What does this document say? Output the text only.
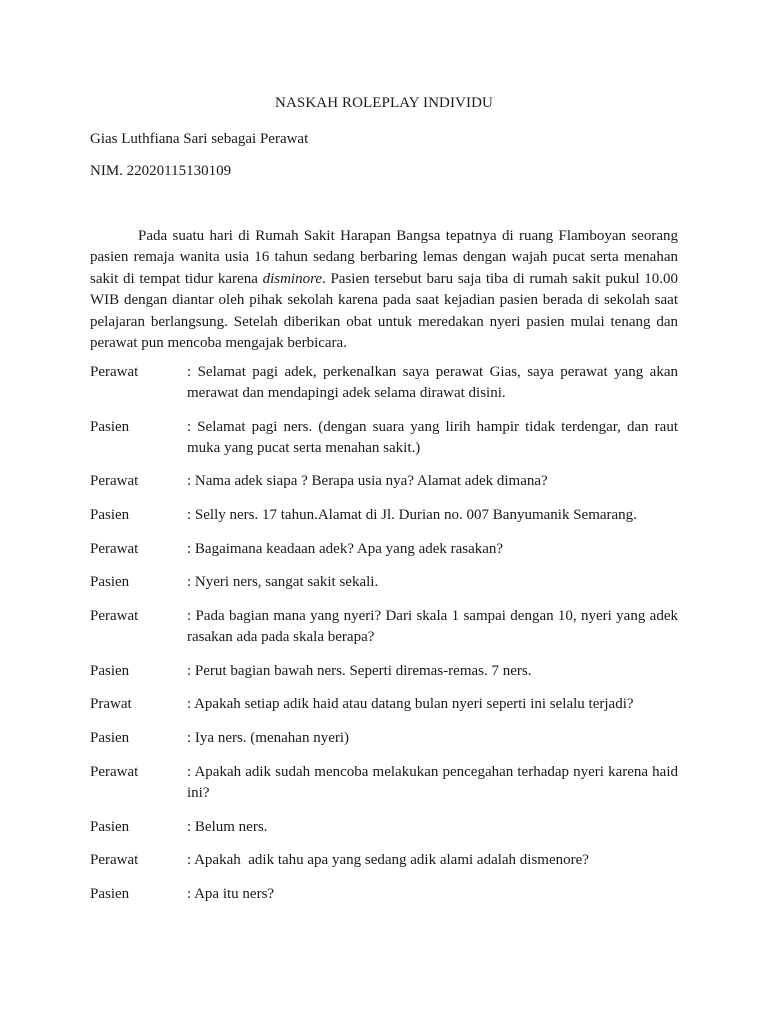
NASKAH ROLEPLAY INDIVIDU
Gias Luthfiana Sari sebagai Perawat
NIM. 22020115130109

Pada suatu hari di Rumah Sakit Harapan Bangsa tepatnya di ruang Flamboyan seorang pasien remaja wanita usia 16 tahun sedang berbaring lemas dengan wajah pucat serta menahan sakit di tempat tidur karena disminore. Pasien tersebut baru saja tiba di rumah sakit pukul 10.00 WIB dengan diantar oleh pihak sekolah karena pada saat kejadian pasien berada di sekolah saat pelajaran berlangsung. Setelah diberikan obat untuk meredakan nyeri pasien mulai tenang dan perawat pun mencoba mengajak berbicara.

Perawat	: Selamat pagi adek, perkenalkan saya perawat Gias, saya perawat yang akan merawat dan mendapingi adek selama dirawat disini.
Pasien	: Selamat pagi ners. (dengan suara yang lirih hampir tidak terdengar, dan raut muka yang pucat serta menahan sakit.)
Perawat	: Nama adek siapa ? Berapa usia nya? Alamat adek dimana?
Pasien	: Selly ners. 17 tahun.Alamat di Jl. Durian no. 007 Banyumanik Semarang.
Perawat	: Bagaimana keadaan adek? Apa yang adek rasakan?
Pasien	: Nyeri ners, sangat sakit sekali.
Perawat	: Pada bagian mana yang nyeri? Dari skala 1 sampai dengan 10, nyeri yang adek rasakan ada pada skala berapa?
Pasien	: Perut bagian bawah ners. Seperti diremas-remas. 7 ners.
Prawat	: Apakah setiap adik haid atau datang bulan nyeri seperti ini selalu terjadi?
Pasien	: Iya ners. (menahan nyeri)
Perawat	: Apakah adik sudah mencoba melakukan pencegahan terhadap nyeri karena haid ini?
Pasien	: Belum ners.
Perawat	: Apakah  adik tahu apa yang sedang adik alami adalah dismenore?
Pasien	: Apa itu ners?
